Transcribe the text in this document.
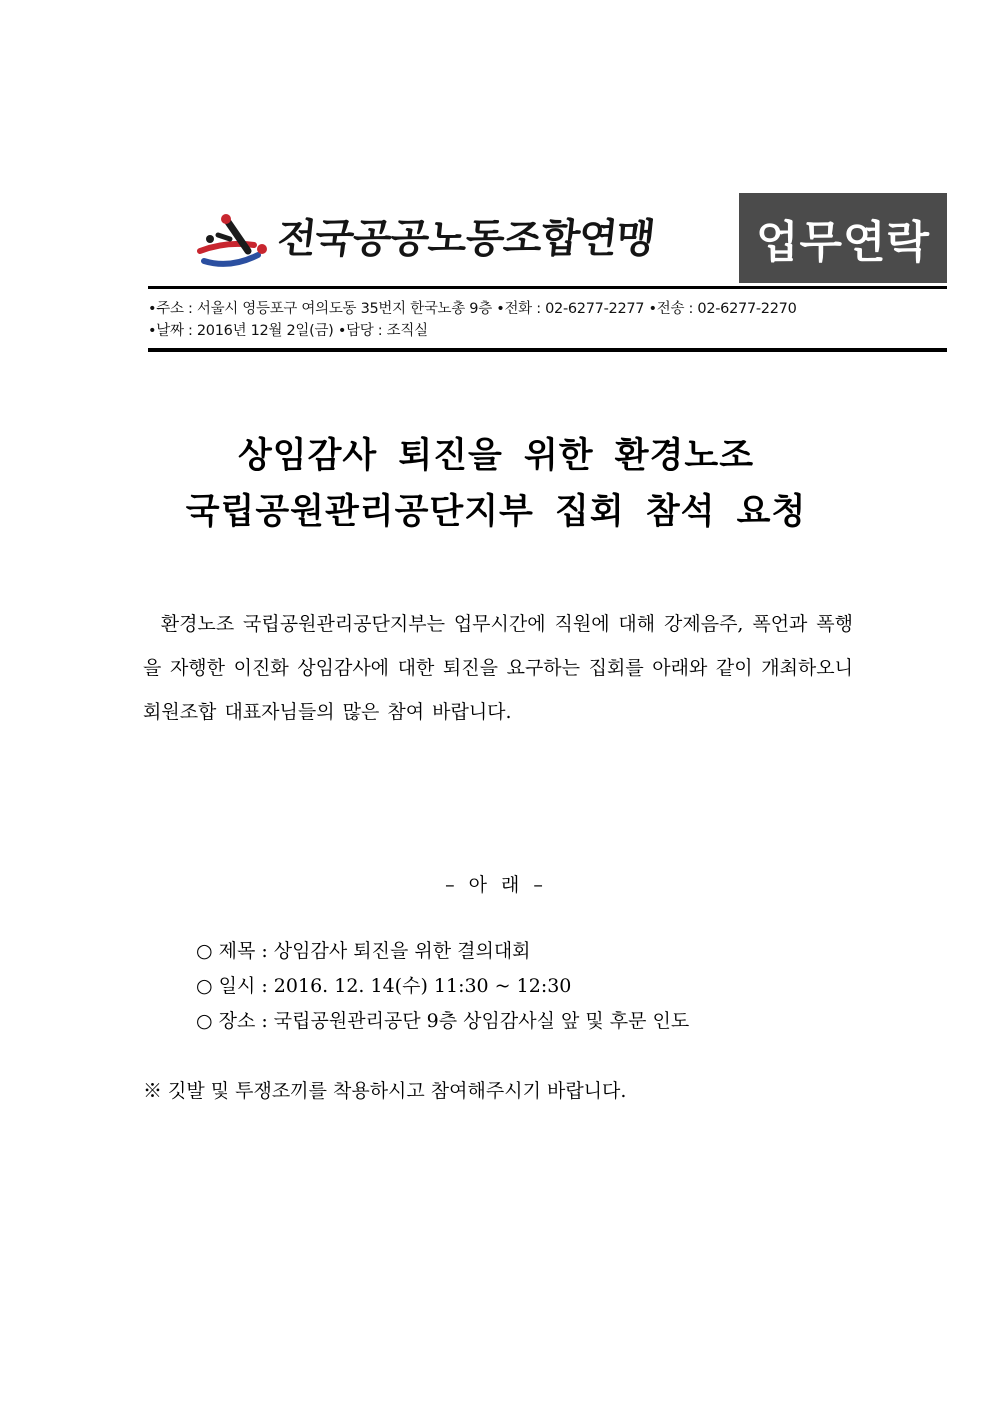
전국공공노동조합연맹	업무연락
•주소 : 서울시 영등포구 여의도동 35번지 한국노총 9층 •전화 : 02-6277-2277 •전송 : 02-6277-2270
•날짜 : 2016년 12월 2일(금) •담당 : 조직실
상임감사 퇴진을 위한 환경노조
국립공원관리공단지부 집회 참석 요청
환경노조 국립공원관리공단지부는 업무시간에 직원에 대해 강제음주, 폭언과 폭행을 자행한 이진화 상임감사에 대한 퇴진을 요구하는 집회를 아래와 같이 개최하오니 회원조합 대표자님들의 많은 참여 바랍니다.
– 아 래 –
○ 제목 : 상임감사 퇴진을 위한 결의대회
○ 일시 : 2016. 12. 14(수) 11:30 ~ 12:30
○ 장소 : 국립공원관리공단 9층 상임감사실 앞 및 후문 인도
※ 깃발 및 투쟁조끼를 착용하시고 참여해주시기 바랍니다.
